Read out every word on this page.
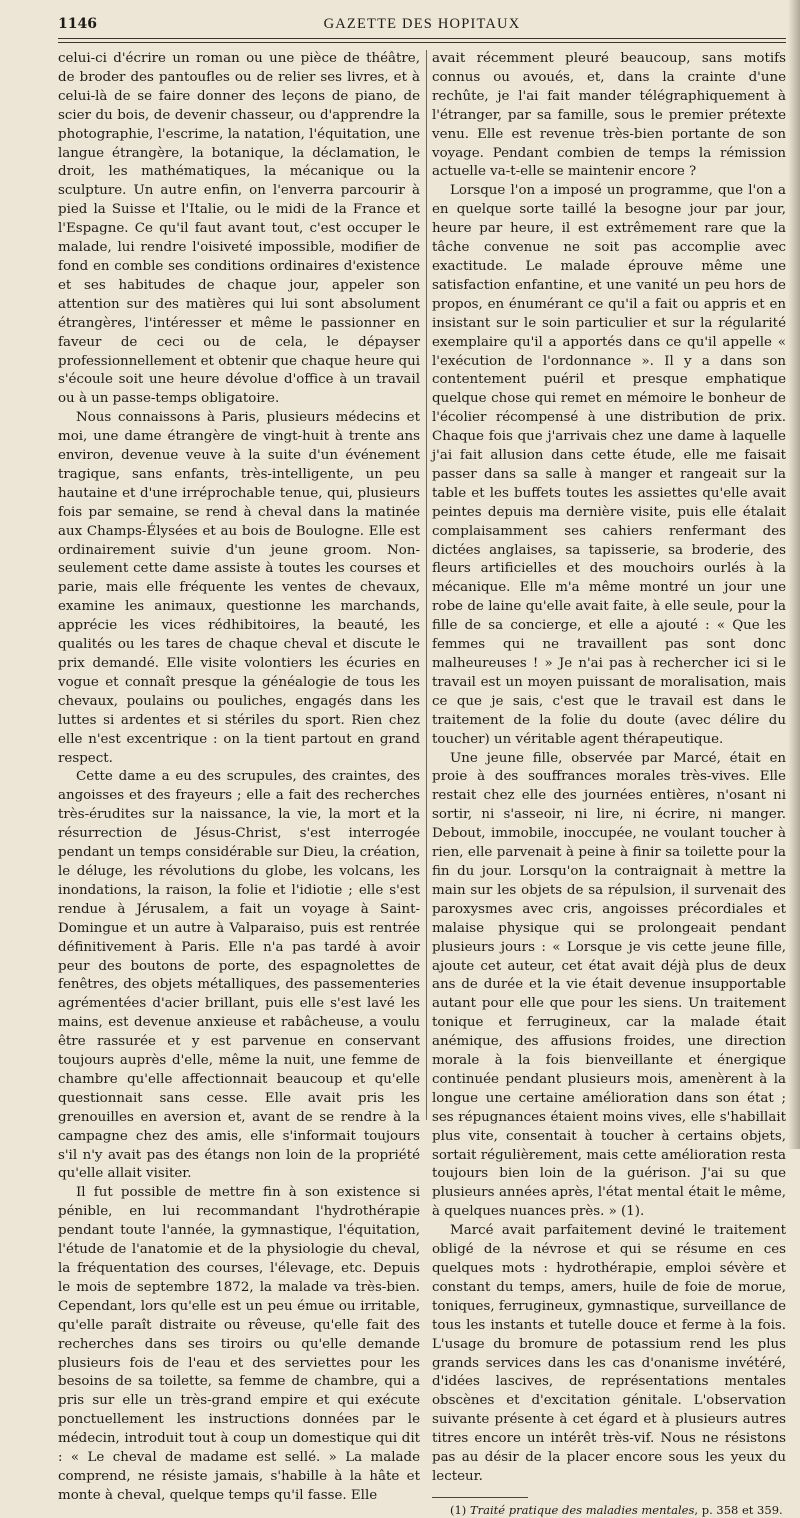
1146	GAZETTE DES HOPITAUX

celui-ci d'écrire un roman ou une pièce de théâtre, de broder des pantoufles ou de relier ses livres, et à celui-là de se faire donner des leçons de piano, de scier du bois, de devenir chasseur, ou d'apprendre la photographie, l'escrime, la natation, l'équitation, une langue étrangère, la botanique, la déclamation, le droit, les mathématiques, la mécanique ou la sculpture. Un autre enfin, on l'enverra parcourir à pied la Suisse et l'Italie, ou le midi de la France et l'Espagne. Ce qu'il faut avant tout, c'est occuper le malade, lui rendre l'oisiveté impossible, modifier de fond en comble ses conditions ordinaires d'existence et ses habitudes de chaque jour, appeler son attention sur des matières qui lui sont absolument étrangères, l'intéresser et même le passionner en faveur de ceci ou de cela, le dépayser professionnellement et obtenir que chaque heure qui s'écoule soit une heure dévolue d'office à un travail ou à un passe-temps obligatoire.

Nous connaissons à Paris, plusieurs médecins et moi, une dame étrangère de vingt-huit à trente ans environ, devenue veuve à la suite d'un événement tragique, sans enfants, très-intelligente, un peu hautaine et d'une irréprochable tenue, qui, plusieurs fois par semaine, se rend à cheval dans la matinée aux Champs-Élysées et au bois de Boulogne. Elle est ordinairement suivie d'un jeune groom. Non-seulement cette dame assiste à toutes les courses et parie, mais elle fréquente les ventes de chevaux, examine les animaux, questionne les marchands, apprécie les vices rédhibitoires, la beauté, les qualités ou les tares de chaque cheval et discute le prix demandé. Elle visite volontiers les écuries en vogue et connaît presque la généalogie de tous les chevaux, poulains ou pouliches, engagés dans les luttes si ardentes et si stériles du sport. Rien chez elle n'est excentrique : on la tient partout en grand respect.

Cette dame a eu des scrupules, des craintes, des angoisses et des frayeurs ; elle a fait des recherches très-érudites sur la naissance, la vie, la mort et la résurrection de Jésus-Christ, s'est interrogée pendant un temps considérable sur Dieu, la création, le déluge, les révolutions du globe, les volcans, les inondations, la raison, la folie et l'idiotie ; elle s'est rendue à Jérusalem, a fait un voyage à Saint-Domingue et un autre à Valparaiso, puis est rentrée définitivement à Paris. Elle n'a pas tardé à avoir peur des boutons de porte, des espagnolettes de fenêtres, des objets métalliques, des passementeries agrémentées d'acier brillant, puis elle s'est lavé les mains, est devenue anxieuse et rabâcheuse, a voulu être rassurée et y est parvenue en conservant toujours auprès d'elle, même la nuit, une femme de chambre qu'elle affectionnait beaucoup et qu'elle questionnait sans cesse. Elle avait pris les grenouilles en aversion et, avant de se rendre à la campagne chez des amis, elle s'informait toujours s'il n'y avait pas des étangs non loin de la propriété qu'elle allait visiter.

Il fut possible de mettre fin à son existence si pénible, en lui recommandant l'hydrothérapie pendant toute l'année, la gymnastique, l'équitation, l'étude de l'anatomie et de la physiologie du cheval, la fréquentation des courses, l'élevage, etc. Depuis le mois de septembre 1872, la malade va très-bien. Cependant, lors qu'elle est un peu émue ou irritable, qu'elle paraît distraite ou rêveuse, qu'elle fait des recherches dans ses tiroirs ou qu'elle demande plusieurs fois de l'eau et des serviettes pour les besoins de sa toilette, sa femme de chambre, qui a pris sur elle un très-grand empire et qui exécute ponctuellement les instructions données par le médecin, introduit tout à coup un domestique qui dit : « Le cheval de madame est sellé. » La malade comprend, ne résiste jamais, s'habille à la hâte et monte à cheval, quelque temps qu'il fasse. Elle

avait récemment pleuré beaucoup, sans motifs connus ou avoués, et, dans la crainte d'une rechûte, je l'ai fait mander télégraphiquement à l'étranger, par sa famille, sous le premier prétexte venu. Elle est revenue très-bien portante de son voyage. Pendant combien de temps la rémission actuelle va-t-elle se maintenir encore ?

Lorsque l'on a imposé un programme, que l'on a en quelque sorte taillé la besogne jour par jour, heure par heure, il est extrêmement rare que la tâche convenue ne soit pas accomplie avec exactitude. Le malade éprouve même une satisfaction enfantine, et une vanité un peu hors de propos, en énumérant ce qu'il a fait ou appris et en insistant sur le soin particulier et sur la régularité exemplaire qu'il a apportés dans ce qu'il appelle « l'exécution de l'ordonnance ». Il y a dans son contentement puéril et presque emphatique quelque chose qui remet en mémoire le bonheur de l'écolier récompensé à une distribution de prix. Chaque fois que j'arrivais chez une dame à laquelle j'ai fait allusion dans cette étude, elle me faisait passer dans sa salle à manger et rangeait sur la table et les buffets toutes les assiettes qu'elle avait peintes depuis ma dernière visite, puis elle étalait complaisamment ses cahiers renfermant des dictées anglaises, sa tapisserie, sa broderie, des fleurs artificielles et des mouchoirs ourlés à la mécanique. Elle m'a même montré un jour une robe de laine qu'elle avait faite, à elle seule, pour la fille de sa concierge, et elle a ajouté : « Que les femmes qui ne travaillent pas sont donc malheureuses ! » Je n'ai pas à rechercher ici si le travail est un moyen puissant de moralisation, mais ce que je sais, c'est que le travail est dans le traitement de la folie du doute (avec délire du toucher) un véritable agent thérapeutique.

Une jeune fille, observée par Marcé, était en proie à des souffrances morales très-vives. Elle restait chez elle des journées entières, n'osant ni sortir, ni s'asseoir, ni lire, ni écrire, ni manger. Debout, immobile, inoccupée, ne voulant toucher à rien, elle parvenait à peine à finir sa toilette pour la fin du jour. Lorsqu'on la contraignait à mettre la main sur les objets de sa répulsion, il survenait des paroxysmes avec cris, angoisses précordiales et malaise physique qui se prolongeait pendant plusieurs jours : « Lorsque je vis cette jeune fille, ajoute cet auteur, cet état avait déjà plus de deux ans de durée et la vie était devenue insupportable autant pour elle que pour les siens. Un traitement tonique et ferrugineux, car la malade était anémique, des affusions froides, une direction morale à la fois bienveillante et énergique continuée pendant plusieurs mois, amenèrent à la longue une certaine amélioration dans son état ; ses répugnances étaient moins vives, elle s'habillait plus vite, consentait à toucher à certains objets, sortait régulièrement, mais cette amélioration resta toujours bien loin de la guérison. J'ai su que plusieurs années après, l'état mental était le même, à quelques nuances près. » (1).

Marcé avait parfaitement deviné le traitement obligé de la névrose et qui se résume en ces quelques mots : hydrothérapie, emploi sévère et constant du temps, amers, huile de foie de morue, toniques, ferrugineux, gymnastique, surveillance de tous les instants et tutelle douce et ferme à la fois. L'usage du bromure de potassium rend les plus grands services dans les cas d'onanisme invétéré, d'idées lascives, de représentations mentales obscènes et d'excitation génitale. L'observation suivante présente à cet égard et à plusieurs autres titres encore un intérêt très-vif. Nous ne résistons pas au désir de la placer encore sous les yeux du lecteur.

(1) Traité pratique des maladies mentales, p. 358 et 359.
